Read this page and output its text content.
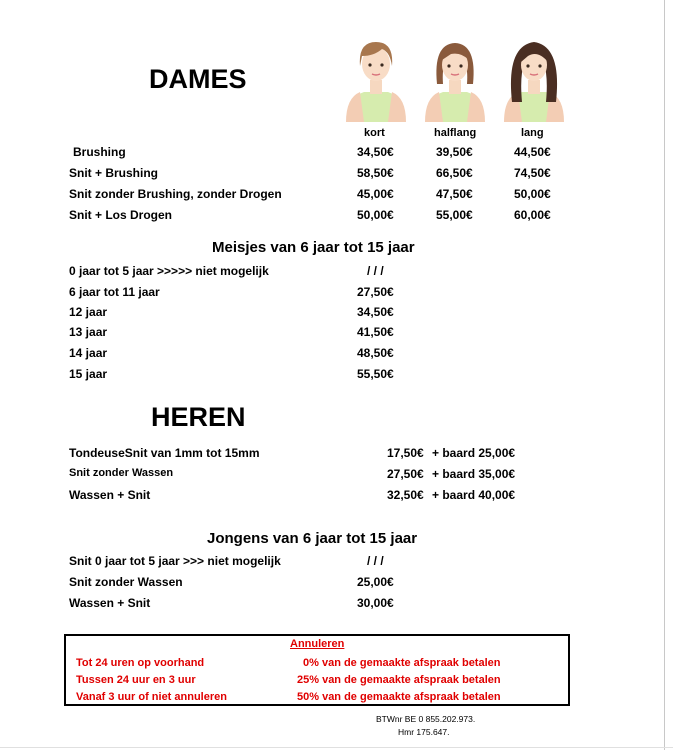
DAMES
kort	halflang	lang
Brushing	34,50€	39,50€	44,50€
Snit + Brushing	58,50€	66,50€	74,50€
Snit zonder Brushing, zonder Drogen	45,00€	47,50€	50,00€
Snit + Los Drogen	50,00€	55,00€	60,00€
Meisjes van 6 jaar tot 15 jaar
0 jaar tot 5 jaar >>>>> niet mogelijk	/ / /
6 jaar tot 11 jaar	27,50€
12 jaar	34,50€
13 jaar	41,50€
14 jaar	48,50€
15 jaar	55,50€
HEREN
TondeuseSnit van 1mm tot 15mm	17,50€ + baard 25,00€
Snit zonder Wassen	27,50€ + baard 35,00€
Wassen + Snit	32,50€ + baard 40,00€
Jongens van 6 jaar tot 15 jaar
Snit 0 jaar tot 5 jaar >>> niet mogelijk	/ / /
Snit zonder Wassen	25,00€
Wassen + Snit	30,00€
Annuleren
Tot 24 uren op voorhand	0% van de gemaakte afspraak betalen
Tussen 24 uur en 3 uur	25% van de gemaakte afspraak betalen
Vanaf 3 uur of niet annuleren	50% van de gemaakte afspraak betalen
BTWnr BE 0 855.202.973.
Hmr 175.647.
